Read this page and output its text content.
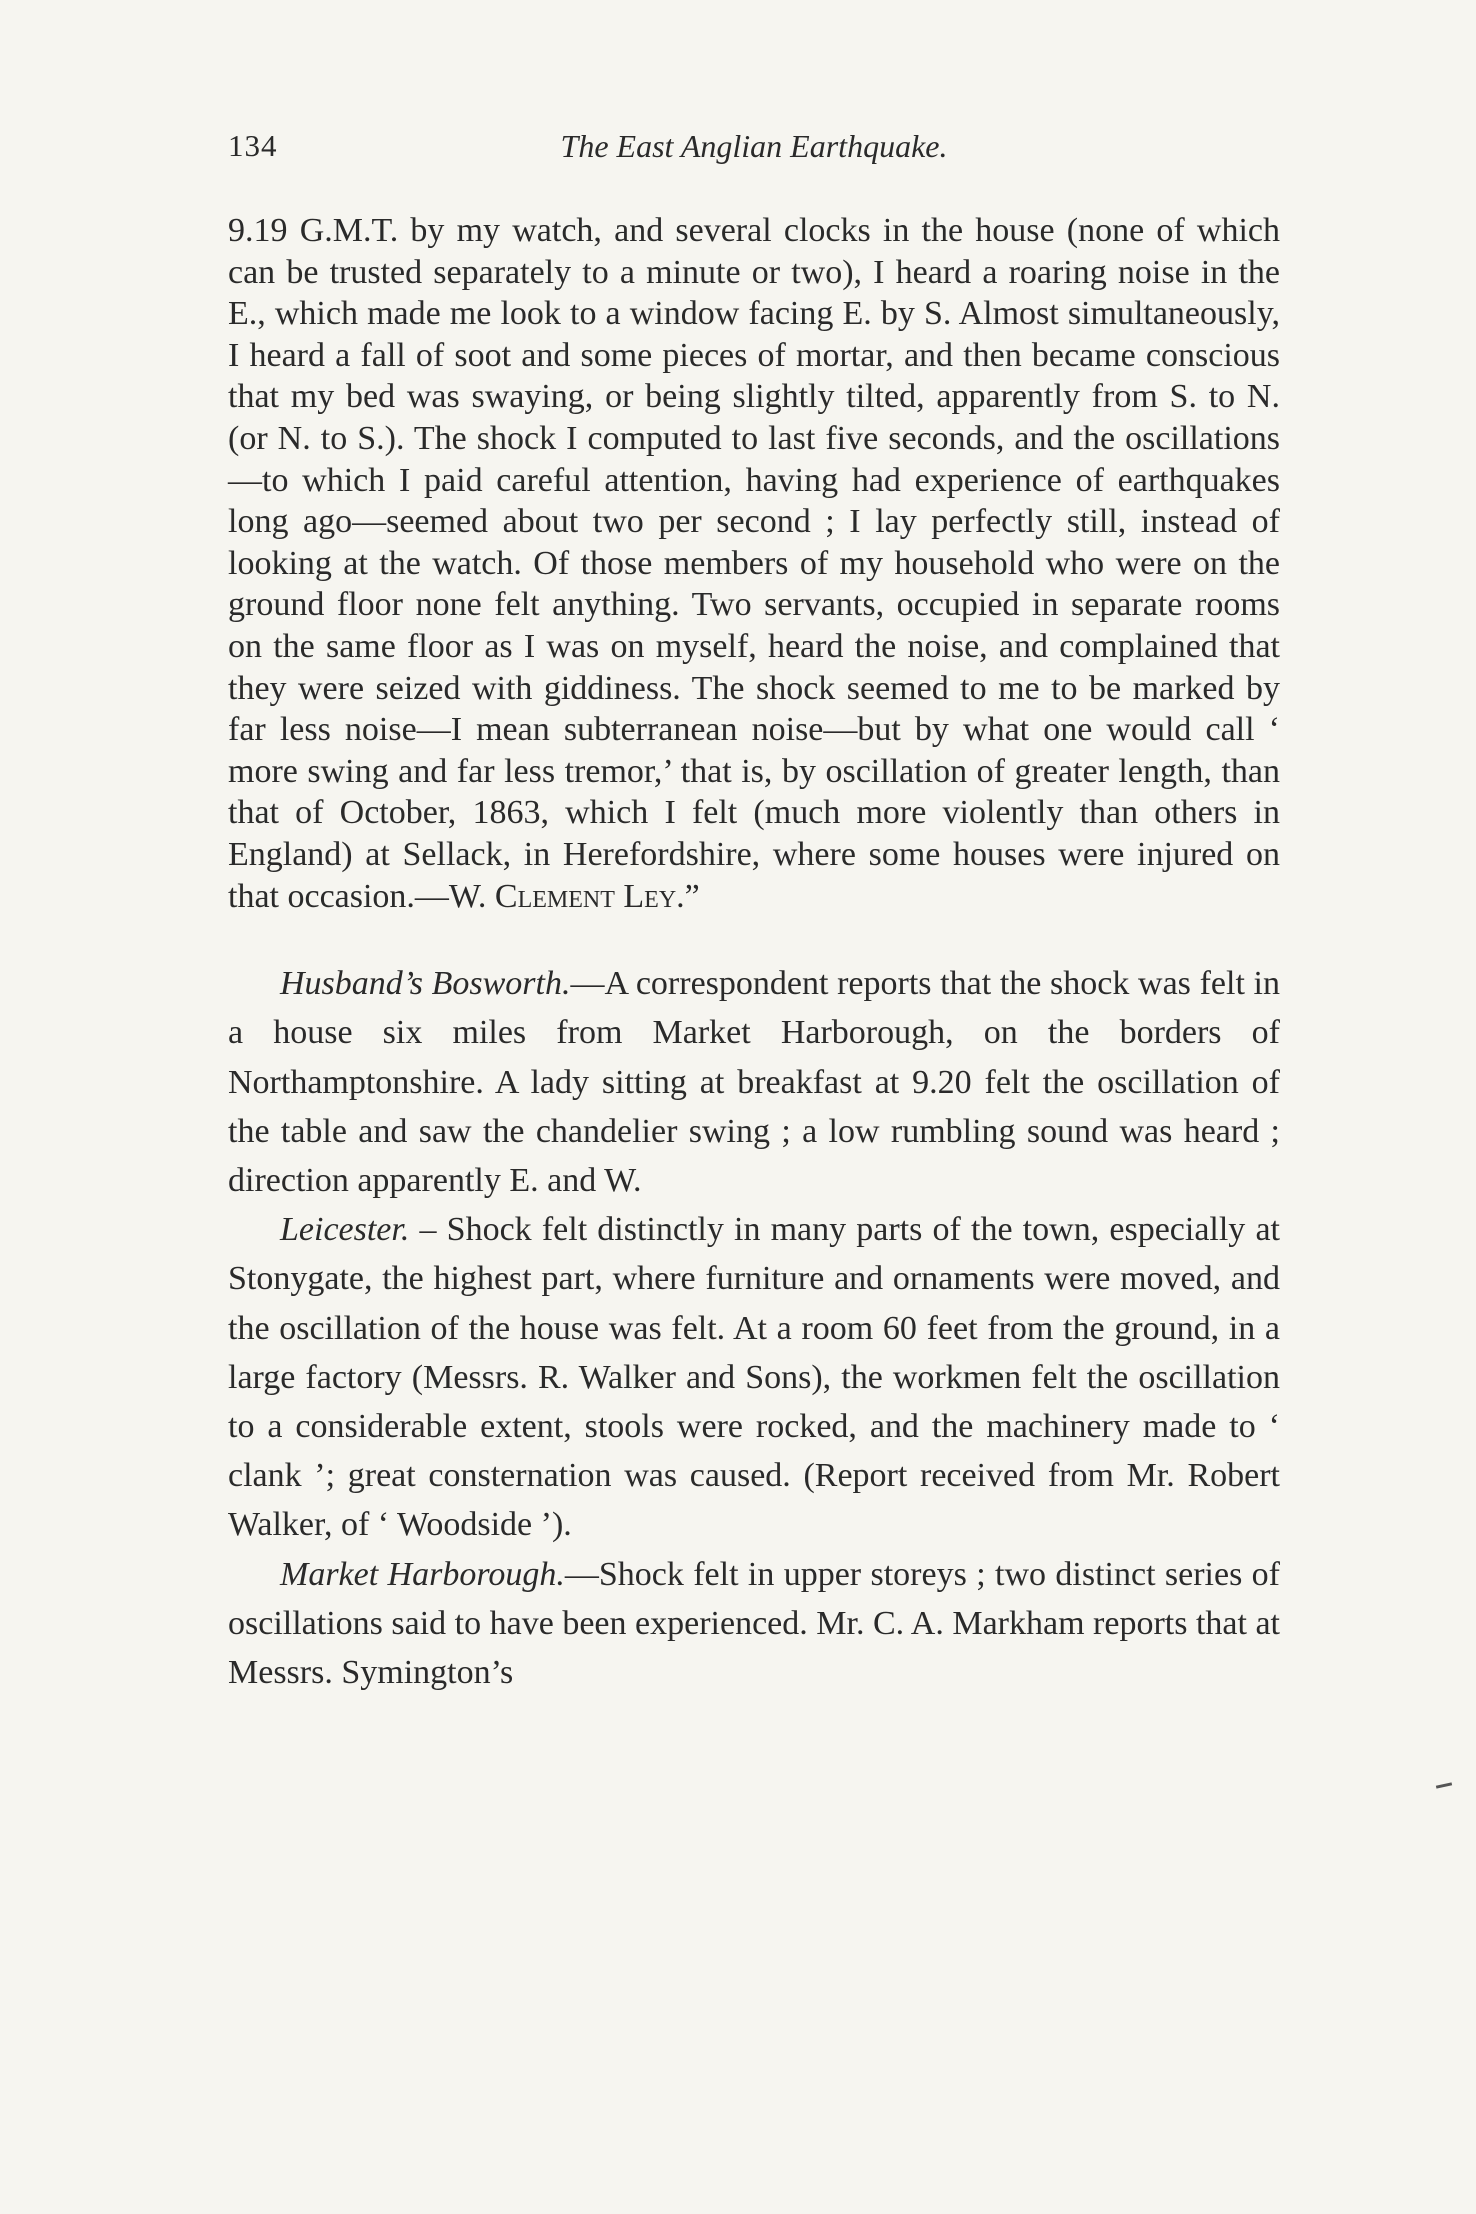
134	The East Anglian Earthquake.

9.19 G.M.T. by my watch, and several clocks in the house (none of which can be trusted separately to a minute or two), I heard a roaring noise in the E., which made me look to a window facing E. by S. Almost simultaneously, I heard a fall of soot and some pieces of mortar, and then became conscious that my bed was swaying, or being slightly tilted, apparently from S. to N. (or N. to S.). The shock I computed to last five seconds, and the oscillations—to which I paid careful attention, having had experience of earthquakes long ago—seemed about two per second ; I lay perfectly still, instead of looking at the watch. Of those members of my household who were on the ground floor none felt anything. Two servants, occupied in separate rooms on the same floor as I was on myself, heard the noise, and complained that they were seized with giddiness. The shock seemed to me to be marked by far less noise—I mean subterranean noise—but by what one would call ‘ more swing and far less tremor,’ that is, by oscillation of greater length, than that of October, 1863, which I felt (much more violently than others in England) at Sellack, in Herefordshire, where some houses were injured on that occasion.—W. Clement Ley.”

Husband’s Bosworth.—A correspondent reports that the shock was felt in a house six miles from Market Harborough, on the borders of Northamptonshire. A lady sitting at breakfast at 9.20 felt the oscillation of the table and saw the chandelier swing ; a low rumbling sound was heard ; direction apparently E. and W.

Leicester. – Shock felt distinctly in many parts of the town, especially at Stonygate, the highest part, where furniture and ornaments were moved, and the oscillation of the house was felt. At a room 60 feet from the ground, in a large factory (Messrs. R. Walker and Sons), the workmen felt the oscillation to a considerable extent, stools were rocked, and the machinery made to ‘ clank ’; great consternation was caused. (Report received from Mr. Robert Walker, of ‘ Woodside ’).

Market Harborough.—Shock felt in upper storeys ; two distinct series of oscillations said to have been experienced. Mr. C. A. Markham reports that at Messrs. Symington’s
